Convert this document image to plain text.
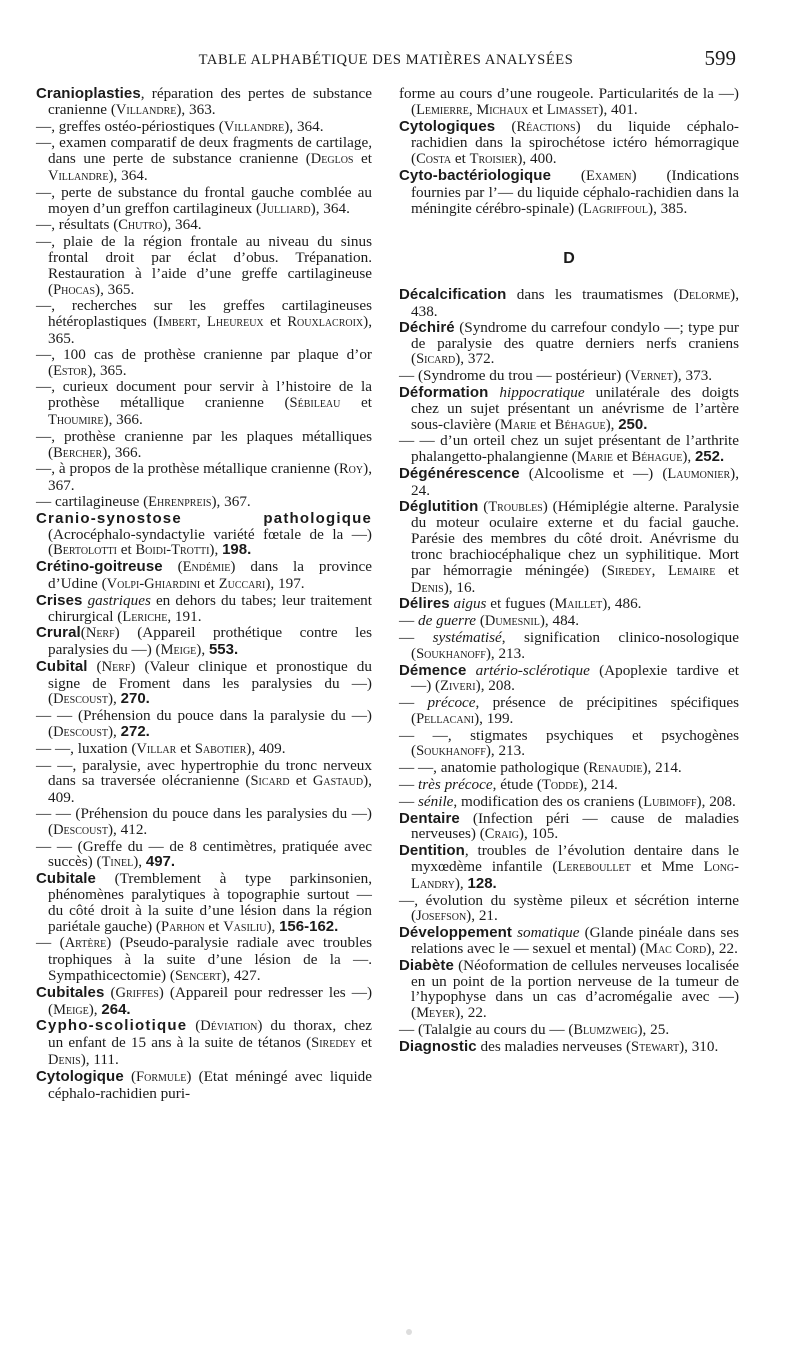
TABLE ALPHABÉTIQUE DES MATIÈRES ANALYSÉES	599
Cranioplasties, réparation des pertes de substance cranienne (Villandre), 363.
—, greffes ostéo-périostiques (Villandre), 364.
—, examen comparatif de deux fragments de cartilage, dans une perte de substance cranienne (Deglos et Villandre), 364.
—, perte de substance du frontal gauche comblée au moyen d’un greffon cartilagineux (Julliard), 364.
—, résultats (Chutro), 364.
—, plaie de la région frontale au niveau du sinus frontal droit par éclat d’obus. Trépanation. Restauration à l’aide d’une greffe cartilagineuse (Phocas), 365.
—, recherches sur les greffes cartilagineuses hétéroplastiques (Imbert, Lheureux et Rouxlacroix), 365.
—, 100 cas de prothèse cranienne par plaque d’or (Estor), 365.
—, curieux document pour servir à l’histoire de la prothèse métallique cranienne (Sébileau et Thoumire), 366.
—, prothèse cranienne par les plaques métalliques (Bercher), 366.
—, à propos de la prothèse métallique cranienne (Roy), 367.
— cartilagineuse (Ehrenpreis), 367.
Cranio-synostose pathologique (Acrocéphalo-syndactylie variété fœtale de la —) (Bertolotti et Boidi-Trotti), 198.
Crétino-goitreuse (Endémie) dans la province d’Udine (Volpi-Ghiardini et Zuccari), 197.
Crises gastriques en dehors du tabes; leur traitement chirurgical (Leriche, 191.
Crural(Nerf) (Appareil prothétique contre les paralysies du —) (Meige), 553.
Cubital (Nerf) (Valeur clinique et pronostique du signe de Froment dans les paralysies du —) (Descoust), 270.
— — (Préhension du pouce dans la paralysie du —) (Descoust), 272.
— —, luxation (Villar et Sabotier), 409.
— —, paralysie, avec hypertrophie du tronc nerveux dans sa traversée olécranienne (Sicard et Gastaud), 409.
— — (Préhension du pouce dans les paralysies du —) (Descoust), 412.
— — (Greffe du — de 8 centimètres, pratiquée avec succès) (Tinel), 497.
Cubitale (Tremblement à type parkinsonien, phénomènes paralytiques à topographie surtout — du côté droit à la suite d’une lésion dans la région pariétale gauche) (Parhon et Vasiliu), 156-162.
— (Artère) (Pseudo-paralysie radiale avec troubles trophiques à la suite d’une lésion de la —. Sympathicectomie) (Sencert), 427.
Cubitales (Griffes) (Appareil pour redresser les —) (Meige), 264.
Cypho-scoliotique (Déviation) du thorax, chez un enfant de 15 ans à la suite de tétanos (Siredey et Denis), 111.
Cytologique (Formule) (Etat méningé avec liquide céphalo-rachidien puri-
forme au cours d’une rougeole. Particularités de la —) (Lemierre, Michaux et Limasset), 401.
Cytologiques (Réactions) du liquide céphalo-rachidien dans la spirochétose ictéro hémorragique (Costa et Troisier), 400.
Cyto-bactériologique (Examen) (Indications fournies par l’— du liquide céphalo-rachidien dans la méningite cérébro-spinale) (Lagriffoul), 385.
D
Décalcification dans les traumatismes (Delorme), 438.
Déchiré (Syndrome du carrefour condylo —; type pur de paralysie des quatre derniers nerfs craniens (Sicard), 372.
— (Syndrome du trou — postérieur) (Vernet), 373.
Déformation hippocratique unilatérale des doigts chez un sujet présentant un anévrisme de l’artère sous-clavière (Marie et Béhague), 250.
— — d’un orteil chez un sujet présentant de l’arthrite phalangetto-phalangienne (Marie et Béhague), 252.
Dégénérescence (Alcoolisme et —) (Laumonier), 24.
Déglutition (Troubles) (Hémiplégie alterne. Paralysie du moteur oculaire externe et du facial gauche. Parésie des membres du côté droit. Anévrisme du tronc brachiocéphalique chez un syphilitique. Mort par hémorragie méningée) (Siredey, Lemaire et Denis), 16.
Délires aigus et fugues (Maillet), 486.
— de guerre (Dumesnil), 484.
— systématisé, signification clinico-nosologique (Soukhanoff), 213.
Démence artério-sclérotique (Apoplexie tardive et —) (Ziveri), 208.
— précoce, présence de précipitines spécifiques (Pellacani), 199.
— —, stigmates psychiques et psychogènes (Soukhanoff), 213.
— —, anatomie pathologique (Renaudie), 214.
— très précoce, étude (Todde), 214.
— sénile, modification des os craniens (Lubimoff), 208.
Dentaire (Infection péri — cause de maladies nerveuses) (Craig), 105.
Dentition, troubles de l’évolution dentaire dans le myxœdème infantile (Lereboullet et Mme Long-Landry), 128.
—, évolution du système pileux et sécrétion interne (Josefson), 21.
Développement somatique (Glande pinéale dans ses relations avec le — sexuel et mental) (Mac Cord), 22.
Diabète (Néoformation de cellules nerveuses localisée en un point de la portion nerveuse de la tumeur de l’hypophyse dans un cas d’acromégalie avec —) (Meyer), 22.
— (Talalgie au cours du — (Blumzweig), 25.
Diagnostic des maladies nerveuses (Stewart), 310.
